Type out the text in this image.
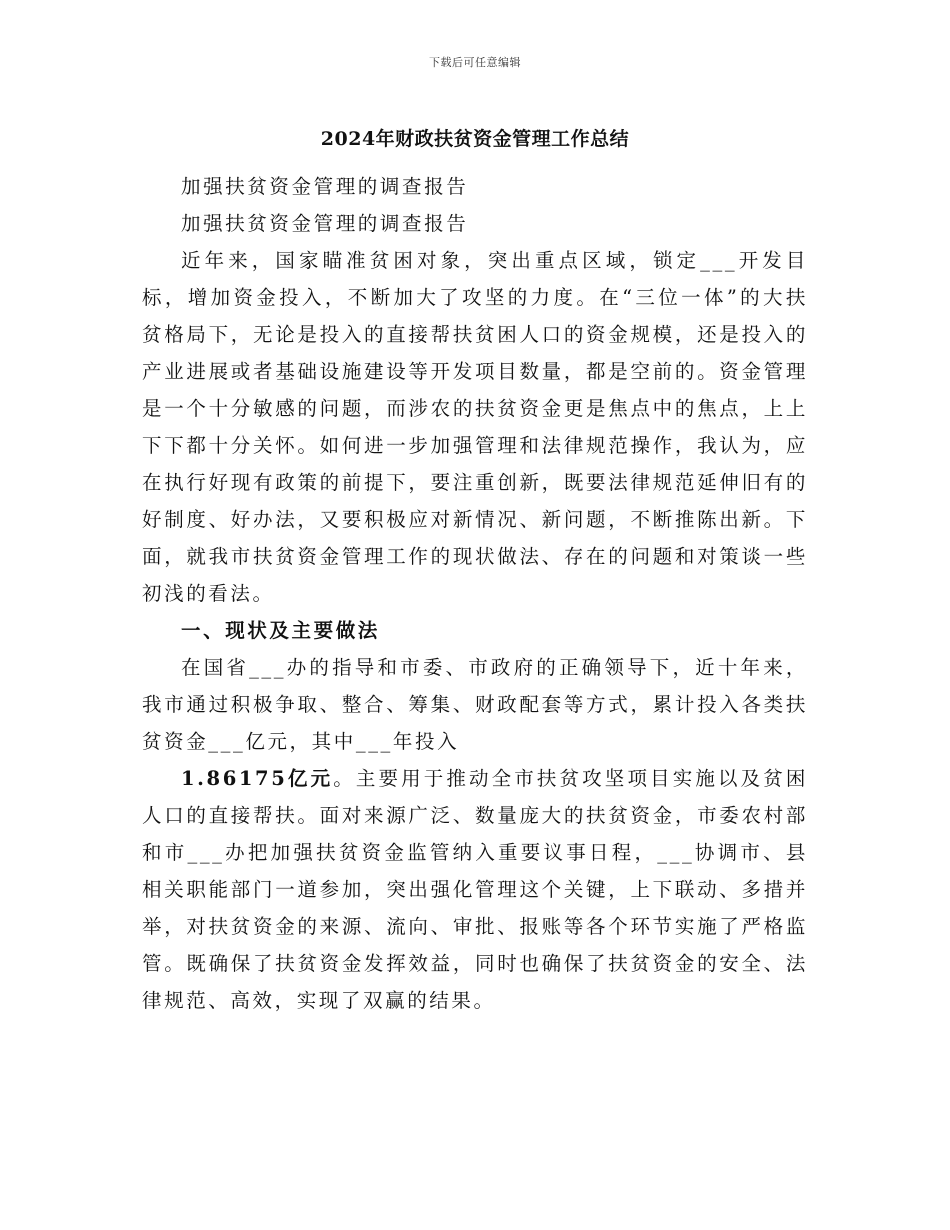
下载后可任意编辑
2024年财政扶贫资金管理工作总结

加强扶贫资金管理的调查报告

加强扶贫资金管理的调查报告

近年来，国家瞄准贫困对象，突出重点区域，锁定___开发目标，增加资金投入，不断加大了攻坚的力度。在“三位一体”的大扶贫格局下，无论是投入的直接帮扶贫困人口的资金规模，还是投入的产业进展或者基础设施建设等开发项目数量，都是空前的。资金管理是一个十分敏感的问题，而涉农的扶贫资金更是焦点中的焦点，上上下下都十分关怀。如何进一步加强管理和法律规范操作，我认为，应在执行好现有政策的前提下，要注重创新，既要法律规范延伸旧有的好制度、好办法，又要积极应对新情况、新问题，不断推陈出新。下面，就我市扶贫资金管理工作的现状做法、存在的问题和对策谈一些初浅的看法。

一、现状及主要做法

在国省___办的指导和市委、市政府的正确领导下，近十年来，我市通过积极争取、整合、筹集、财政配套等方式，累计投入各类扶贫资金___亿元，其中___年投入

1.86175亿元。主要用于推动全市扶贫攻坚项目实施以及贫困人口的直接帮扶。面对来源广泛、数量庞大的扶贫资金，市委农村部和市___办把加强扶贫资金监管纳入重要议事日程，___协调市、县相关职能部门一道参加，突出强化管理这个关键，上下联动、多措并举，对扶贫资金的来源、流向、审批、报账等各个环节实施了严格监管。既确保了扶贫资金发挥效益，同时也确保了扶贫资金的安全、法律规范、高效，实现了双赢的结果。
